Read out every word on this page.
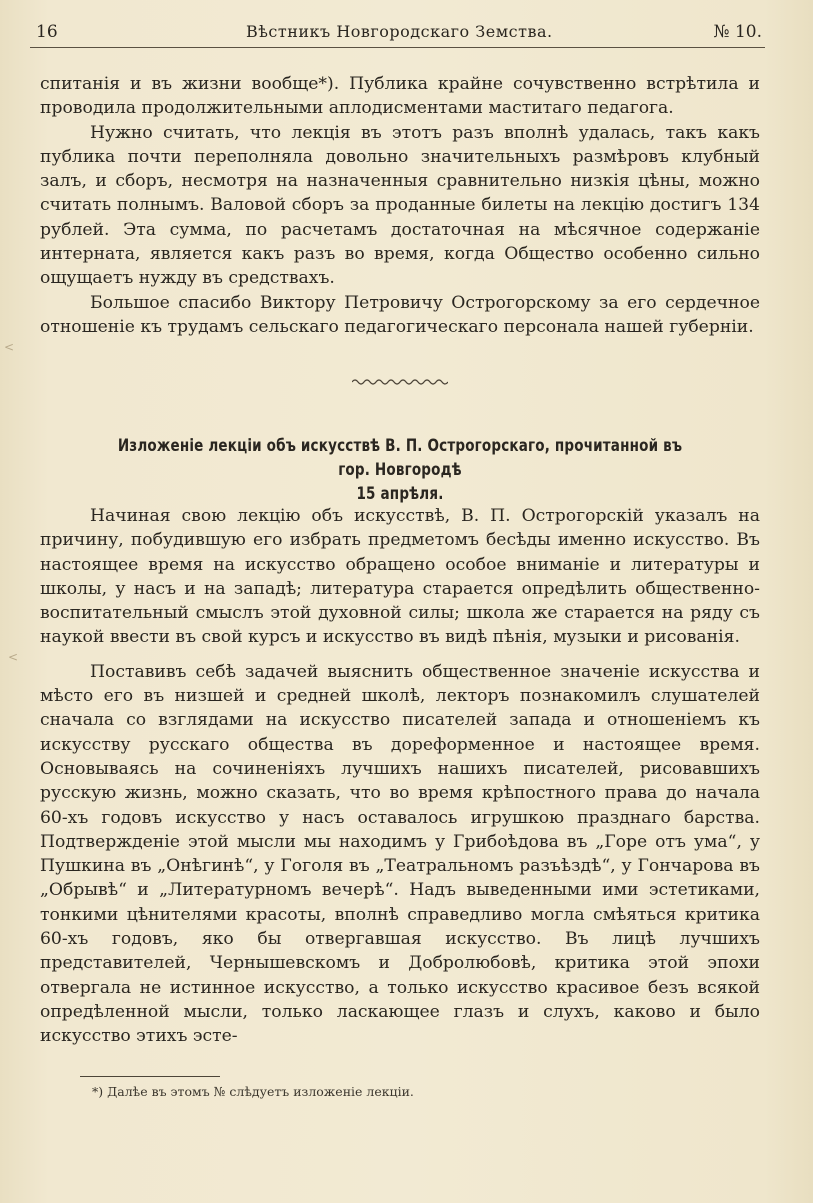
16	Вѣстникъ Новгородскаго Земства.	№ 10.

спитанія и въ жизни вообще*). Публика крайне сочувственно встрѣтила и проводила продолжительными аплодисментами маститаго педагога.

Нужно считать, что лекція въ этотъ разъ вполнѣ удалась, такъ какъ публика почти переполняла довольно значительныхъ размѣровъ клубный залъ, и сборъ, несмотря на назначенныя сравнительно низкія цѣны, можно считать полнымъ. Валовой сборъ за проданные билеты на лекцію достигъ 134 рублей. Эта сумма, по расчетамъ достаточная на мѣсячное содержаніе интерната, является какъ разъ во время, когда Общество особенно сильно ощущаетъ нужду въ средствахъ.

Большое спасибо Виктору Петровичу Острогорскому за его сердечное отношеніе къ трудамъ сельскаго педагогическаго персонала нашей губерніи.

Изложеніе лекціи объ искусствѣ В. П. Острогорскаго, прочитанной въ гор. Новгородѣ
15 апрѣля.

Начиная свою лекцію объ искусствѣ, В. П. Острогорскій указалъ на причину, побудившую его избрать предметомъ бесѣды именно искусство. Въ настоящее время на искусство обращено особое вниманіе и литературы и школы, у насъ и на западѣ; литература старается опредѣлить общественно-воспитательный смыслъ этой духовной силы; школа же старается на ряду съ наукой ввести въ свой курсъ и искусство въ видѣ пѣнія, музыки и рисованія.

Поставивъ себѣ задачей выяснить общественное значеніе искусства и мѣсто его въ низшей и средней школѣ, лекторъ познакомилъ слушателей сначала со взглядами на искусство писателей запада и отношеніемъ къ искусству русскаго общества въ дореформенное и настоящее время. Основываясь на сочиненіяхъ лучшихъ нашихъ писателей, рисовавшихъ русскую жизнь, можно сказать, что во время крѣпостного права до начала 60-хъ годовъ искусство у насъ оставалось игрушкою празднаго барства. Подтвержденіе этой мысли мы находимъ у Грибоѣдова въ „Горе отъ ума“, у Пушкина въ „Онѣгинѣ“, у Гоголя въ „Театральномъ разъѣздѣ“, у Гончарова въ „Обрывѣ“ и „Литературномъ вечерѣ“. Надъ выведенными ими эстетиками, тонкими цѣнителями красоты, вполнѣ справедливо могла смѣяться критика 60-хъ годовъ, яко бы отвергавшая искусство. Въ лицѣ лучшихъ представителей, Чернышевскомъ и Добролюбовѣ, критика этой эпохи отвергала не истинное искусство, а только искусство красивое безъ всякой опредѣленной мысли, только ласкающее глазъ и слухъ, каково и было искусство этихъ эсте-

*) Далѣе въ этомъ № слѣдуетъ изложеніе лекціи.
<
<
